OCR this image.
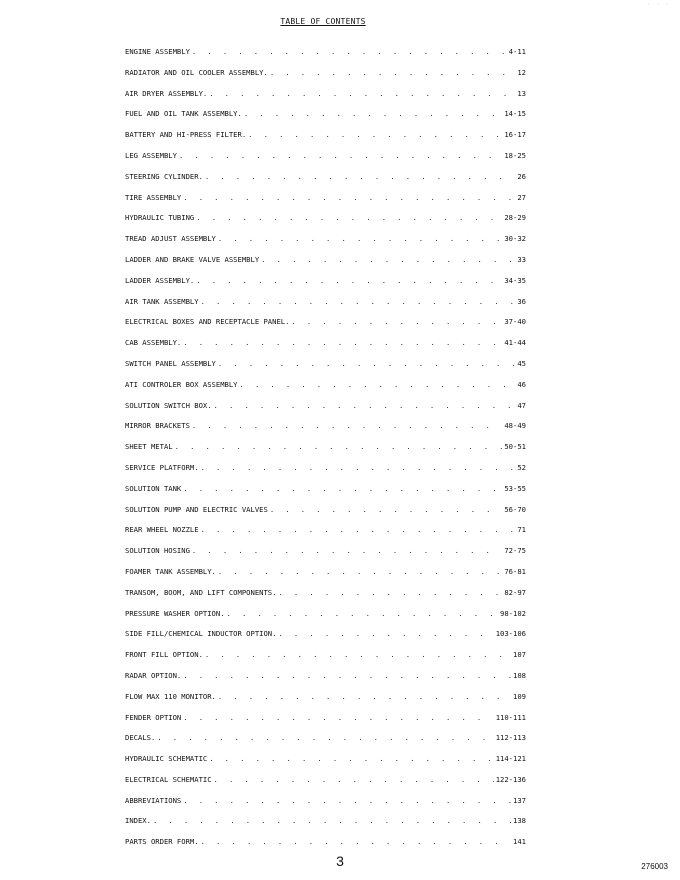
· · ·
TABLE OF CONTENTS
ENGINE ASSEMBLY . . .	4-11
RADIATOR AND OIL COOLER ASSEMBLY. . . .	12
AIR DRYER ASSEMBLY. . . .	13
FUEL AND OIL TANK ASSEMBLY. . . .	14-15
BATTERY AND HI-PRESS FILTER. . . .	16-17
LEG ASSEMBLY . . .	18-25
STEERING CYLINDER. . . .	26
TIRE ASSEMBLY . . .	27
HYDRAULIC TUBING . . .	28-29
TREAD ADJUST ASSEMBLY . . .	30-32
LADDER AND BRAKE VALVE ASSEMBLY . . .	33
LADDER ASSEMBLY. . . .	34-35
AIR TANK ASSEMBLY . . .	36
ELECTRICAL BOXES AND RECEPTACLE PANEL. . . .	37-40
CAB ASSEMBLY. . . .	41-44
SWITCH PANEL ASSEMBLY . . .	45
ATI CONTROLER BOX ASSEMBLY . . .	46
SOLUTION SWITCH BOX. . . .	47
MIRROR BRACKETS . . .	48-49
SHEET METAL . . .	50-51
SERVICE PLATFORM. . . .	52
SOLUTION TANK . . .	53-55
SOLUTION PUMP AND ELECTRIC VALVES . . .	56-70
REAR WHEEL NOZZLE . . .	71
SOLUTION HOSING . . .	72-75
FOAMER TANK ASSEMBLY. . . .	76-81
TRANSOM, BOOM, AND LIFT COMPONENTS. . . .	82-97
PRESSURE WASHER OPTION. . . .	98-102
SIDE FILL/CHEMICAL INDUCTOR OPTION. . . .	103-106
FRONT FILL OPTION. . . .	107
RADAR OPTION. . . .	108
FLOW MAX 110 MONITOR. . . .	109
FENDER OPTION . . .	110-111
DECALS. . . .	112-113
HYDRAULIC SCHEMATIC . . .	114-121
ELECTRICAL SCHEMATIC . . .	122-136
ABBREVIATIONS . . .	137
INDEX. . . .	138
PARTS ORDER FORM. . . .	141
3	276003
